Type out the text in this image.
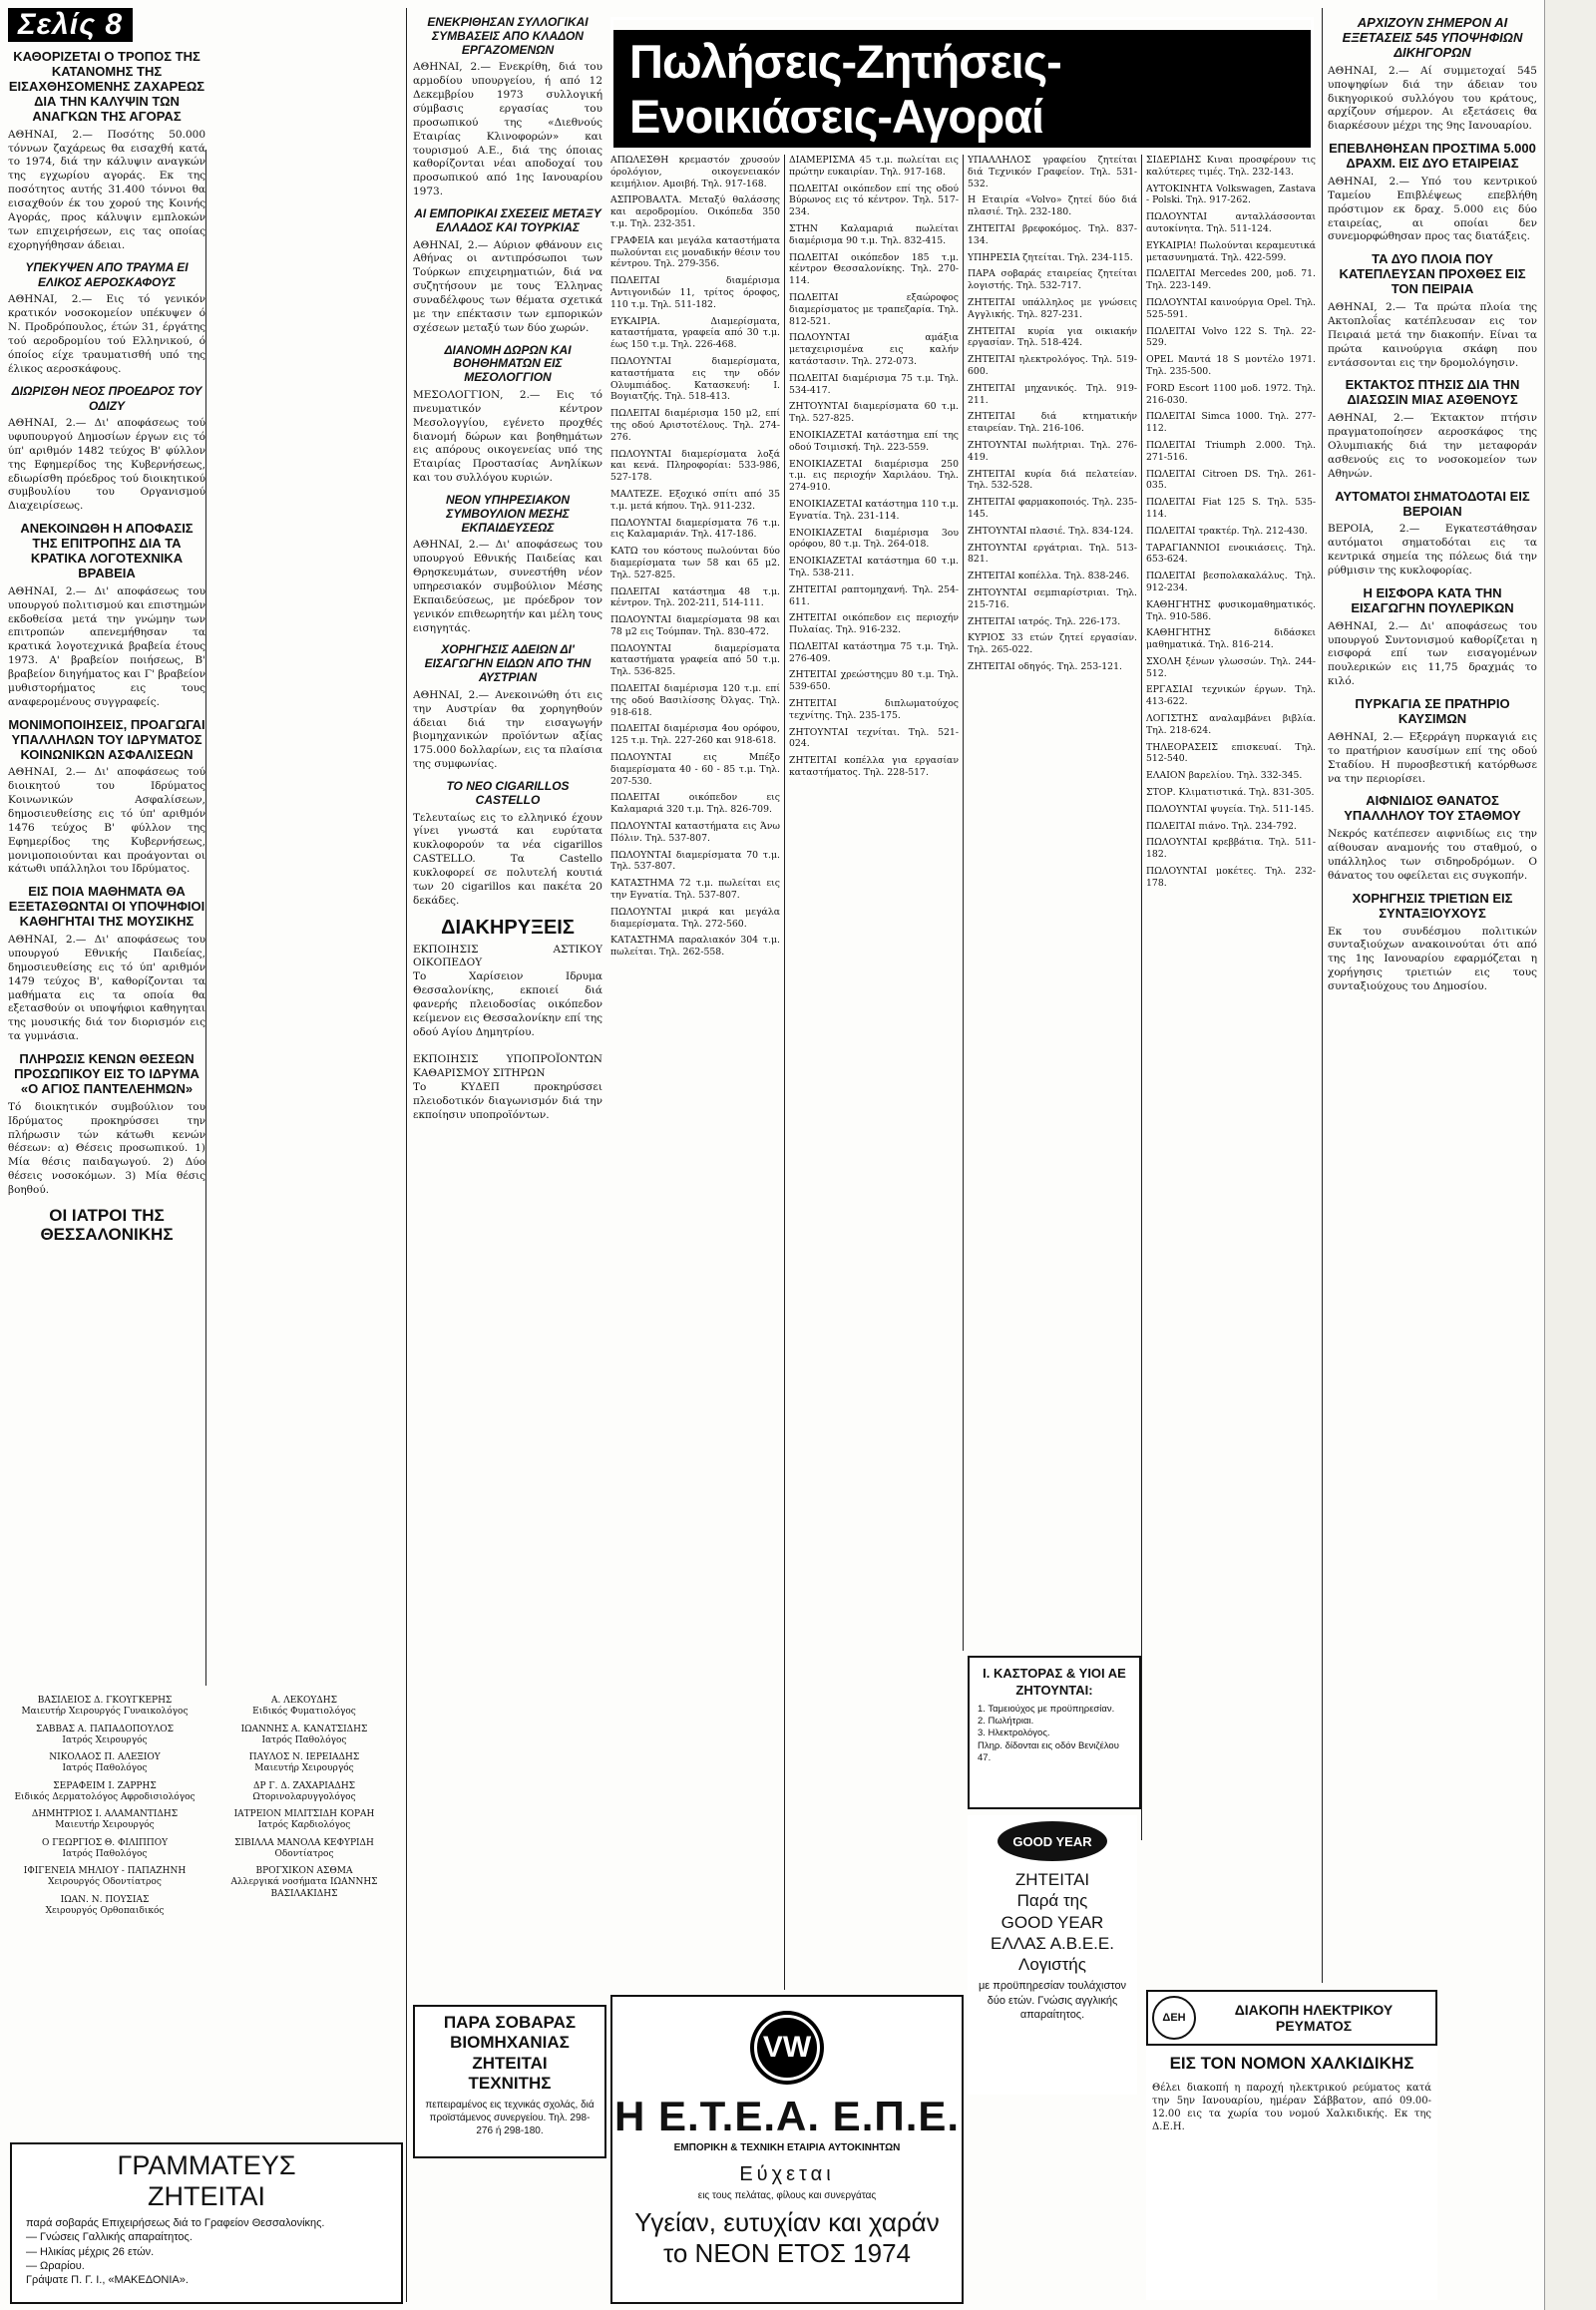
Σελίς 8
ΚΑΘΟΡΙΖΕΤΑΙ Ο ΤΡΟΠΟΣ ΤΗΣ ΚΑΤΑΝΟΜΗΣ ΤΗΣ ΕΙΣΑΧΘΗΣΟΜΕΝΗΣ ΖΑΧΑΡΕΩΣ ΔΙΑ ΤΗΝ ΚΑΛΥΨΙΝ ΤΩΝ ΑΝΑΓΚΩΝ ΤΗΣ ΑΓΟΡΑΣ
ΑΘΗΝΑΙ, 2.— Ποσότης 50.000 τόννων ζαχάρεως θα εισαχθή κατά το 1974, διά την κάλυψιν αναγκών της εγχωρίου αγοράς. Εκ της ποσότητος αυτής 31.400 τόννοι θα εισαχθούν έκ του χορού της Κοινής Αγοράς, προς κάλυψιν εμπλοκών των επιχειρήσεων, εις τας οποίας εχορηγήθησαν άδειαι.
ΥΠΕΚΥΨΕΝ ΑΠΟ ΤΡΑΥΜΑ ΕΙ ΕΛΙΚΟΣ ΑΕΡΟΣΚΑΦΟΥΣ
ΑΘΗΝΑΙ, 2.— Εις τό γενικόν κρατικόν νοσοκομείον υπέκυψεν ό Ν. Προδρόπουλος, έτών 31, έργάτης τού αεροδρομίου τού Ελληνικού, ό όποίος είχε τραυματισθή υπό της έλικος αεροσκάφους.
ΔΙΩΡΙΣΘΗ ΝΕΟΣ ΠΡΟΕΔΡΟΣ ΤΟΥ ΟΔΙΖΥ
ΑΘΗΝΑΙ, 2.— Δι' αποφάσεως τού υφυπουργού Δημοσίων έργων εις τό ύπ' αριθμόν 1482 τεύχος Β' φύλλον της Εφημερίδος της Κυβερνήσεως, εδιωρίσθη πρόεδρος τού διοικητικού συμβουλίου του Οργανισμού Διαχειρίσεως.
ΑΝΕΚΟΙΝΩΘΗ Η ΑΠΟΦΑΣΙΣ ΤΗΣ ΕΠΙΤΡΟΠΗΣ ΔΙΑ ΤΑ ΚΡΑΤΙΚΑ ΛΟΓΟΤΕΧΝΙΚΑ ΒΡΑΒΕΙΑ
ΑΘΗΝΑΙ, 2.— Δι' αποφάσεως του υπουργού πολιτισμού και επιστημών εκδοθείσα μετά την γνώμην των επιτροπών απενεμήθησαν τα κρατικά λογοτεχνικά βραβεία έτους 1973. Α' βραβείον ποιήσεως, Β' βραβείον διηγήματος και Γ' βραβείον μυθιστορήματος εις τους αναφερομένους συγγραφείς.
ΜΟΝΙΜΟΠΟΙΗΣΕΙΣ, ΠΡΟΑΓΩΓΑΙ ΥΠΑΛΛΗΛΩΝ ΤΟΥ ΙΔΡΥΜΑΤΟΣ ΚΟΙΝΩΝΙΚΩΝ ΑΣΦΑΛΙΣΕΩΝ
ΑΘΗΝΑΙ, 2.— Δι' αποφάσεως τού διοικητού του Ιδρύματος Κοινωνικών Ασφαλίσεων, δημοσιευθείσης εις τό ύπ' αριθμόν 1476 τεύχος Β' φύλλον της Εφημερίδος της Κυβερνήσεως, μονιμοποιούνται και προάγονται οι κάτωθι υπάλληλοι του Ιδρύματος.
ΕΙΣ ΠΟΙΑ ΜΑΘΗΜΑΤΑ ΘΑ ΕΞΕΤΑΣΘΩΝΤΑΙ ΟΙ ΥΠΟΨΗΦΙΟΙ ΚΑΘΗΓΗΤΑΙ ΤΗΣ ΜΟΥΣΙΚΗΣ
ΑΘΗΝΑΙ, 2.— Δι' αποφάσεως του υπουργού Εθνικής Παιδείας, δημοσιευθείσης εις τό ύπ' αριθμόν 1479 τεύχος Β', καθορίζονται τα μαθήματα εις τα οποία θα εξετασθούν οι υποψήφιοι καθηγηται της μουσικής διά τον διορισμόν εις τα γυμνάσια.
ΠΛΗΡΩΣΙΣ ΚΕΝΩΝ ΘΕΣΕΩΝ ΠΡΟΣΩΠΙΚΟΥ ΕΙΣ ΤΟ ΙΔΡΥΜΑ «Ο ΑΓΙΟΣ ΠΑΝΤΕΛΕΗΜΩΝ»
Τό διοικητικόν συμβούλιον του Ιδρύματος προκηρύσσει την πλήρωσιν τών κάτωθι κενών θέσεων: α) Θέσεις προσωπικού. 1) Μία θέσις παιδαγωγού. 2) Δύο θέσεις νοσοκόμων. 3) Μία θέσις βοηθού.
ΟΙ ΙΑΤΡΟΙ ΤΗΣ ΘΕΣΣΑΛΟΝΙΚΗΣ
ΒΑΣΙΛΕΙΟΣ Δ. ΓΚΟΥΓΚΕΡΗΣ
Μαιευτήρ Χειρουργός Γυναικολόγος
ΣΑΒΒΑΣ Α. ΠΑΠΑΔΟΠΟΥΛΟΣ
Ιατρός Χειρουργός
ΝΙΚΟΛΑΟΣ Π. ΑΛΕΞΙΟΥ
Ιατρός Παθολόγος
ΣΕΡΑΦΕΙΜ Ι. ΖΑΡΡΗΣ
Ειδικός Δερματολόγος Αφροδισιολόγος
ΔΗΜΗΤΡΙΟΣ Ι. ΑΛΑΜΑΝΤΙΔΗΣ
Μαιευτήρ Χειρουργός
Ο ΓΕΩΡΓΙΟΣ Θ. ΦΙΛΙΠΠΟΥ
Ιατρός Παθολόγος
ΙΦΙΓΕΝΕΙΑ ΜΗΛΙΟΥ - ΠΑΠΑΖΗΝΗ
Χειρουργός Οδοντίατρος
ΙΩΑΝ. Ν. ΠΟΥΣΙΑΣ
Χειρουργός Ορθοπαιδικός
Α. ΛΕΚΟΥΔΗΣ
Ειδικός Φυματιολόγος
ΙΩΑΝΝΗΣ Α. ΚΑΝΑΤΣΙΔΗΣ
Ιατρός Παθολόγος
ΠΑΥΛΟΣ Ν. ΙΕΡΕΙΑΔΗΣ
Μαιευτήρ Χειρουργός
ΔΡ Γ. Δ. ΖΑΧΑΡΙΑΔΗΣ
Ωτορινολαρυγγολόγος
ΙΑΤΡΕΙΟΝ ΜΙΛΙΤΣΙΔΗ ΚΟΡΑΗ
Ιατρός Καρδιολόγος
ΣΙΒΙΛΛΑ ΜΑΝΟΛΑ ΚΕΦΥΡΙΔΗ
Οδοντίατρος
ΒΡΟΓΧΙΚΟΝ ΑΣΘΜΑ
Αλλεργικά νοσήματα ΙΩΑΝΝΗΣ ΒΑΣΙΛΑΚΙΔΗΣ
ΓΡΑΜΜΑΤΕΥΣ
ΖΗΤΕΙΤΑΙ
παρά σοβαράς Επιχειρήσεως διά το Γραφείον Θεσσαλονίκης.
— Γνώσεις Γαλλικής απαραίτητος.
— Ηλικίας μέχρις 26 ετών.
— Ωραρίου.
Γράψατε Π. Γ. Ι., «ΜΑΚΕΔΟΝΙΑ».
ΕΝΕΚΡΙΘΗΣΑΝ ΣΥΛΛΟΓΙΚΑΙ ΣΥΜΒΑΣΕΙΣ ΑΠΟ ΚΛΑΔΟΝ ΕΡΓΑΖΟΜΕΝΩΝ
ΑΘΗΝΑΙ, 2.— Ενεκρίθη, διά του αρμοδίου υπουργείου, ή από 12 Δεκεμβρίου 1973 συλλογική σύμβασις εργασίας του προσωπικού της «Διεθνούς Εταιρίας Κλινοφορών» και τουρισμού Α.Ε., διά της όποιας καθορίζονται νέαι αποδοχαί του προσωπικού από 1ης Ιανουαρίου 1973.
ΑΙ ΕΜΠΟΡΙΚΑΙ ΣΧΕΣΕΙΣ ΜΕΤΑΞΥ ΕΛΛΑΔΟΣ ΚΑΙ ΤΟΥΡΚΙΑΣ
ΑΘΗΝΑΙ, 2.— Αύριον φθάνουν εις Αθήνας οι αντιπρόσωποι των Τούρκων επιχειρηματιών, διά να συζητήσουν με τους Έλληνας συναδέλφους των θέματα σχετικά με την επέκτασιν των εμπορικών σχέσεων μεταξύ των δύο χωρών.
ΔΙΑΝΟΜΗ ΔΩΡΩΝ ΚΑΙ ΒΟΗΘΗΜΑΤΩΝ ΕΙΣ ΜΕΣΟΛΟΓΓΙΟΝ
ΜΕΣΟΛΟΓΓΙΟΝ, 2.— Εις τό πνευματικόν κέντρον Μεσολογγίου, εγένετο προχθές διανομή δώρων και βοηθημάτων εις απόρους οικογενείας υπό της Εταιρίας Προστασίας Ανηλίκων και του συλλόγου κυριών.
ΝΕΟΝ ΥΠΗΡΕΣΙΑΚΟΝ ΣΥΜΒΟΥΛΙΟΝ ΜΕΣΗΣ ΕΚΠΑΙΔΕΥΣΕΩΣ
ΑΘΗΝΑΙ, 2.— Δι' αποφάσεως του υπουργού Εθνικής Παιδείας και Θρησκευμάτων, συνεστήθη νέον υπηρεσιακόν συμβούλιον Μέσης Εκπαιδεύσεως, με πρόεδρον τον γενικόν επιθεωρητήν και μέλη τους εισηγητάς.
ΧΟΡΗΓΗΣΙΣ ΑΔΕΙΩΝ ΔΙ' ΕΙΣΑΓΩΓΗΝ ΕΙΔΩΝ ΑΠΟ ΤΗΝ ΑΥΣΤΡΙΑΝ
ΑΘΗΝΑΙ, 2.— Ανεκοινώθη ότι εις την Αυστρίαν θα χορηγηθούν άδειαι διά την εισαγωγήν βιομηχανικών προϊόντων αξίας 175.000 δολλαρίων, εις τα πλαίσια της συμφωνίας.
ΤΟ ΝΕΟ CIGARILLOS CASTELLO
Τελευταίως εις το ελληνικό έχουν γίνει γνωστά και ευρύτατα κυκλοφορούν τα νέα cigarillos CASTELLO. Τα Castello κυκλοφορεί σε πολυτελή κουτιά των 20 cigarillos και πακέτα 20 δεκάδες.
ΔΙΑΚΗΡΥΞΕΙΣ
ΕΚΠΟΙΗΣΙΣ ΑΣΤΙΚΟΥ ΟΙΚΟΠΕΔΟΥ
Το Χαρίσειον Ιδρυμα Θεσσαλονίκης, εκποιεί διά φανερής πλειοδοσίας οικόπεδον κείμενον εις Θεσσαλονίκην επί της οδού Αγίου Δημητρίου.

ΕΚΠΟΙΗΣΙΣ ΥΠΟΠΡΟΪΟΝΤΩΝ ΚΑΘΑΡΙΣΜΟΥ ΣΙΤΗΡΩΝ
Το ΚΥΔΕΠ προκηρύσσει πλειοδοτικόν διαγωνισμόν διά την εκποίησιν υποπροϊόντων.
ΠΑΡΑ ΣΟΒΑΡΑΣ ΒΙΟΜΗΧΑΝΙΑΣ
ΖΗΤΕΙΤΑΙ
ΤΕΧΝΙΤΗΣ
πεπειραμένος εις τεχνικάς σχολάς, διά προϊστάμενος συνεργείου. Τηλ. 298-276 ή 298-180.
Πωλήσεις-Ζητήσεις-Ενοικιάσεις-Αγοραί
ΑΠΩΛΕΣΘΗ κρεμαστόν χρυσούν όρολόγιον, οικογενειακόν κειμήλιον. Αμοιβή. Τηλ. 917-168.
ΑΣΠΡΟΒΑΛΤΑ. Μεταξύ θαλάσσης και αεροδρομίου. Οικόπεδα 350 τ.μ. Τηλ. 232-351.
ΓΡΑΦΕΙΑ και μεγάλα καταστήματα πωλούνται εις μοναδικήν θέσιν του κέντρου. Τηλ. 279-356.
ΠΩΛΕΙΤΑΙ διαμέρισμα Αντιγονιδών 11, τρίτος όροφος, 110 τ.μ. Τηλ. 511-182.
ΕΥΚΑΙΡΙΑ. Διαμερίσματα, καταστήματα, γραφεία από 30 τ.μ. έως 150 τ.μ. Τηλ. 226-468.
ΠΩΛΟΥΝΤΑΙ διαμερίσματα, καταστήματα εις την οδόν Ολυμπιάδος. Κατασκευή: Ι. Βογιατζής. Τηλ. 518-413.
ΠΩΛΕΙΤΑΙ διαμέρισμα 150 μ2, επί της οδού Αριστοτέλους. Τηλ. 274-276.
ΠΩΛΟΥΝΤΑΙ διαμερίσματα λοξά και κενά. Πληροφορίαι: 533-986, 527-178.
ΜΑΛΤΕΖΕ. Εξοχικό σπίτι από 35 τ.μ. μετά κήπου. Τηλ. 911-232.
ΠΩΛΟΥΝΤΑΙ διαμερίσματα 76 τ.μ. εις Καλαμαριάν. Τηλ. 417-186.
ΚΑΤΩ του κόστους πωλούνται δύο διαμερίσματα των 58 και 65 μ2. Τηλ. 527-825.
ΠΩΛΕΙΤΑΙ κατάστημα 48 τ.μ. κέντρον. Τηλ. 202-211, 514-111.
ΠΩΛΟΥΝΤΑΙ διαμερίσματα 98 και 78 μ2 εις Τούμπαν. Τηλ. 830-472.
ΠΩΛΟΥΝΤΑΙ διαμερίσματα καταστήματα γραφεία από 50 τ.μ. Τηλ. 536-825.
ΠΩΛΕΙΤΑΙ διαμέρισμα 120 τ.μ. επί της οδού Βασιλίσσης Όλγας. Τηλ. 918-618.
ΠΩΛΕΙΤΑΙ διαμέρισμα 4ου ορόφου, 125 τ.μ. Τηλ. 227-260 και 918-618.
ΠΩΛΟΥΝΤΑΙ εις Μπέξο διαμερίσματα 40 - 60 - 85 τ.μ. Τηλ. 207-530.
ΠΩΛΕΙΤΑΙ οικόπεδον εις Καλαμαριά 320 τ.μ. Τηλ. 826-709.
ΠΩΛΟΥΝΤΑΙ καταστήματα εις Άνω Πόλιν. Τηλ. 537-807.
ΠΩΛΟΥΝΤΑΙ διαμερίσματα 70 τ.μ. Τηλ. 537-807.
ΚΑΤΑΣΤΗΜΑ 72 τ.μ. πωλείται εις την Εγνατία. Τηλ. 537-807.
ΠΩΛΟΥΝΤΑΙ μικρά και μεγάλα διαμερίσματα. Τηλ. 272-560.
ΚΑΤΑΣΤΗΜΑ παραλιακόν 304 τ.μ. πωλείται. Τηλ. 262-558.
ΔΙΑΜΕΡΙΣΜΑ 45 τ.μ. πωλείται εις πρώτην ευκαιρίαν. Τηλ. 917-168.
ΠΩΛΕΙΤΑΙ οικόπεδον επί της οδού Βύρωνος εις τό κέντρον. Τηλ. 517-234.
ΣΤΗΝ Καλαμαριά πωλείται διαμέρισμα 90 τ.μ. Τηλ. 832-415.
ΠΩΛΕΙΤΑΙ οικόπεδον 185 τ.μ. κέντρον Θεσσαλονίκης. Τηλ. 270-114.
ΠΩΛΕΙΤΑΙ εξαώροφος διαμερίσματος με τραπεζαρία. Τηλ. 812-521.
ΠΩΛΟΥΝΤΑΙ αμάξια μεταχειρισμένα εις καλήν κατάστασιν. Τηλ. 272-073.
ΠΩΛΕΙΤΑΙ διαμέρισμα 75 τ.μ. Τηλ. 534-417.
ΖΗΤΟΥΝΤΑΙ διαμερίσματα 60 τ.μ. Τηλ. 527-825.
ΕΝΟΙΚΙΑΖΕΤΑΙ κατάστημα επί της οδού Τσιμισκή. Τηλ. 223-559.
ΕΝΟΙΚΙΑΖΕΤΑΙ διαμέρισμα 250 τ.μ. εις περιοχήν Χαριλάου. Τηλ. 274-910.
ΕΝΟΙΚΙΑΖΕΤΑΙ κατάστημα 110 τ.μ. Εγνατία. Τηλ. 231-114.
ΕΝΟΙΚΙΑΖΕΤΑΙ διαμέρισμα 3ου ορόφου, 80 τ.μ. Τηλ. 264-018.
ΕΝΟΙΚΙΑΖΕΤΑΙ κατάστημα 60 τ.μ. Τηλ. 538-211.
ΖΗΤΕΙΤΑΙ ραπτομηχανή. Τηλ. 254-611.
ΖΗΤΕΙΤΑΙ οικόπεδον εις περιοχήν Πυλαίας. Τηλ. 916-232.
ΠΩΛΕΙΤΑΙ κατάστημα 75 τ.μ. Τηλ. 276-409.
ΖΗΤΕΙΤΑΙ χρεώστηςμυ 80 τ.μ. Τηλ. 539-650.
ΖΗΤΕΙΤΑΙ διπλωματούχος τεχνίτης. Τηλ. 235-175.
ΖΗΤΟΥΝΤΑΙ τεχνίται. Τηλ. 521-024.
ΖΗΤΕΙΤΑΙ κοπέλλα για εργασίαν καταστήματος. Τηλ. 228-517.
ΥΠΑΛΛΗΛΟΣ γραφείου ζητείται διά Τεχνικόν Γραφείον. Τηλ. 531-532.
Η Εταιρία «Volvo» ζητεί δύο διά πλασιέ. Τηλ. 232-180.
ΖΗΤΕΙΤΑΙ βρεφοκόμος. Τηλ. 837-134.
ΥΠΗΡΕΣΙΑ ζητείται. Τηλ. 234-115.
ΠΑΡΑ σοβαράς εταιρείας ζητείται λογιστής. Τηλ. 532-717.
ΖΗΤΕΙΤΑΙ υπάλληλος με γνώσεις Αγγλικής. Τηλ. 827-231.
ΖΗΤΕΙΤΑΙ κυρία για οικιακήν εργασίαν. Τηλ. 518-424.
ΖΗΤΕΙΤΑΙ ηλεκτρολόγος. Τηλ. 519-600.
ΖΗΤΕΙΤΑΙ μηχανικός. Τηλ. 919-211.
ΖΗΤΕΙΤΑΙ διά κτηματικήν εταιρείαν. Τηλ. 216-106.
ΖΗΤΟΥΝΤΑΙ πωλήτριαι. Τηλ. 276-419.
ΖΗΤΕΙΤΑΙ κυρία διά πελατείαν. Τηλ. 532-528.
ΖΗΤΕΙΤΑΙ φαρμακοποιός. Τηλ. 235-145.
ΖΗΤΟΥΝΤΑΙ πλασιέ. Τηλ. 834-124.
ΖΗΤΟΥΝΤΑΙ εργάτριαι. Τηλ. 513-821.
ΖΗΤΕΙΤΑΙ κοπέλλα. Τηλ. 838-246.
ΖΗΤΟΥΝΤΑΙ σεμπιαρίστριαι. Τηλ. 215-716.
ΖΗΤΕΙΤΑΙ ιατρός. Τηλ. 226-173.
ΚΥΡΙΟΣ 33 ετών ζητεί εργασίαν. Τηλ. 265-022.
ΖΗΤΕΙΤΑΙ οδηγός. Τηλ. 253-121.
ΣΙΔΕΡΙΔΗΣ Κιναι προσφέρουν τις καλύτερες τιμές. Τηλ. 232-143.
ΑΥΤΟΚΙΝΗΤΑ Volkswagen, Zastava - Polski. Τηλ. 917-262.
ΠΩΛΟΥΝΤΑΙ ανταλλάσσονται αυτοκίνητα. Τηλ. 511-124.
ΕΥΚΑΙΡΙΑ! Πωλούνται κεραμευτικά μετασυνηματά. Τηλ. 422-599.
ΠΩΛΕΙΤΑΙ Mercedes 200, μοδ. 71. Τηλ. 223-149.
ΠΩΛΟΥΝΤΑΙ καινούργια Opel. Τηλ. 525-591.
ΠΩΛΕΙΤΑΙ Volvo 122 S. Τηλ. 22-529.
OPEL Μαντά 18 S μοντέλο 1971. Τηλ. 235-500.
FORD Escort 1100 μοδ. 1972. Τηλ. 216-030.
ΠΩΛΕΙΤΑΙ Simca 1000. Τηλ. 277-112.
ΠΩΛΕΙΤΑΙ Triumph 2.000. Τηλ. 271-516.
ΠΩΛΕΙΤΑΙ Citroen DS. Τηλ. 261-035.
ΠΩΛΕΙΤΑΙ Fiat 125 S. Τηλ. 535-114.
ΠΩΛΕΙΤΑΙ τρακτέρ. Τηλ. 212-430.
ΤΑΡΑΓΙΑΝΝΙΟΙ ενοικιάσεις. Τηλ. 653-624.
ΠΩΛΕΙΤΑΙ βεσπολακαλάλυς. Τηλ. 912-234.
ΚΑΘΗΓΗΤΗΣ φυσικομαθηματικός. Τηλ. 910-586.
ΚΑΘΗΓΗΤΗΣ διδάσκει μαθηματικά. Τηλ. 816-214.
ΣΧΟΛΗ ξένων γλωσσών. Τηλ. 244-512.
ΕΡΓΑΣΙΑΙ τεχνικών έργων. Τηλ. 413-622.
ΛΟΓΙΣΤΗΣ αναλαμβάνει βιβλία. Τηλ. 218-624.
ΤΗΛΕΟΡΑΣΕΙΣ επισκευαί. Τηλ. 512-540.
ΕΛΑΙΟΝ βαρελίου. Τηλ. 332-345.
ΣΤΟΡ. Κλιματιστικά. Τηλ. 831-305.
ΠΩΛΟΥΝΤΑΙ ψυγεία. Τηλ. 511-145.
ΠΩΛΕΙΤΑΙ πιάνο. Τηλ. 234-792.
ΠΩΛΟΥΝΤΑΙ κρεββάτια. Τηλ. 511-182.
ΠΩΛΟΥΝΤΑΙ μοκέτες. Τηλ. 232-178.
VW
Η Ε.Τ.Ε.Α. Ε.Π.Ε.
ΕΜΠΟΡΙΚΗ & ΤΕΧΝΙΚΗ ΕΤΑΙΡΙΑ ΑΥΤΟΚΙΝΗΤΩΝ
Εύχεται
εις τους πελάτας, φίλους και συνεργάτας
Υγείαν, ευτυχίαν και χαράν
το ΝΕΟΝ ΕΤΟΣ 1974
Ι. ΚΑΣΤΟΡΑΣ & ΥΙΟΙ ΑΕ
ΖΗΤΟΥΝΤΑΙ:
1. Ταμειούχος με προϋπηρεσίαν.
2. Πωλήτριαι.
3. Ηλεκτρολόγος.
Πληρ. δίδονται εις οδόν Βενιζέλου 47.
GOOD YEAR
ΖΗΤΕΙΤΑΙ
Παρά της
GOOD YEAR
ΕΛΛΑΣ Α.Β.Ε.Ε.
Λογιστής
με προϋπηρεσίαν τουλάχιστον δύο ετών. Γνώσις αγγλικής απαραίτητος.	ΔΕΗ	ΔΙΑΚΟΠΗ ΗΛΕΚΤΡΙΚΟΥ ΡΕΥΜΑΤΟΣ
ΕΙΣ ΤΟΝ ΝΟΜΟΝ ΧΑΛΚΙΔΙΚΗΣ
Θέλει διακοπή η παροχή ηλεκτρικού ρεύματος κατά την 5ην Ιανουαρίου, ημέραν Σάββατον, από 09.00-12.00 εις τα χωρία του νομού Χαλκιδικής. Εκ της Δ.Ε.Η.
ΑΡΧΙΖΟΥΝ ΣΗΜΕΡΟΝ ΑΙ ΕΞΕΤΑΣΕΙΣ 545 ΥΠΟΨΗΦΙΩΝ ΔΙΚΗΓΟΡΩΝ
ΑΘΗΝΑΙ, 2.— Αί συμμετοχαί 545 υποψηφίων διά την άδειαν του δικηγορικού συλλόγου του κράτους, αρχίζουν σήμερον. Αι εξετάσεις θα διαρκέσουν μέχρι της 9ης Ιανουαρίου.
ΕΠΕΒΛΗΘΗΣΑΝ ΠΡΟΣΤΙΜΑ 5.000 ΔΡΑΧΜ. ΕΙΣ ΔΥΟ ΕΤΑΙΡΕΙΑΣ
ΑΘΗΝΑΙ, 2.— Υπό του κεντρικού Ταμείου Επιβλέψεως επεβλήθη πρόστιμον εκ δραχ. 5.000 εις δύο εταιρείας, αι οποίαι δεν συνεμορφώθησαν προς τας διατάξεις.
ΤΑ ΔΥΟ ΠΛΟΙΑ ΠΟΥ ΚΑΤΕΠΛΕΥΣΑΝ ΠΡΟΧΘΕΣ ΕΙΣ ΤΟΝ ΠΕΙΡΑΙΑ
ΑΘΗΝΑΙ, 2.— Τα πρώτα πλοία της Ακτοπλοΐας κατέπλευσαν εις τον Πειραιά μετά την διακοπήν. Είναι τα πρώτα καινούργια σκάφη που εντάσσονται εις την δρομολόγησιν.
ΕΚΤΑΚΤΟΣ ΠΤΗΣΙΣ ΔΙΑ ΤΗΝ ΔΙΑΣΩΣΙΝ ΜΙΑΣ ΑΣΘΕΝΟΥΣ
ΑΘΗΝΑΙ, 2.— Έκτακτον πτήσιν πραγματοποίησεν αεροσκάφος της Ολυμπιακής διά την μεταφοράν ασθενούς εις το νοσοκομείον των Αθηνών.
ΑΥΤΟΜΑΤΟΙ ΣΗΜΑΤΟΔΟΤΑΙ ΕΙΣ ΒΕΡΟΙΑΝ
ΒΕΡΟΙΑ, 2.— Εγκατεστάθησαν αυτόματοι σηματοδόται εις τα κεντρικά σημεία της πόλεως διά την ρύθμισιν της κυκλοφορίας.
Η ΕΙΣΦΟΡΑ ΚΑΤΑ ΤΗΝ ΕΙΣΑΓΩΓΗΝ ΠΟΥΛΕΡΙΚΩΝ
ΑΘΗΝΑΙ, 2.— Δι' αποφάσεως του υπουργού Συντονισμού καθορίζεται η εισφορά επί των εισαγομένων πουλερικών εις 11,75 δραχμάς το κιλό.
ΠΥΡΚΑΓΙΑ ΣΕ ΠΡΑΤΗΡΙΟ ΚΑΥΣΙΜΩΝ
ΑΘΗΝΑΙ, 2.— Εξερράγη πυρκαγιά εις το πρατήριον καυσίμων επί της οδού Σταδίου. Η πυροσβεστική κατόρθωσε να την περιορίσει.
ΑΙΦΝΙΔΙΟΣ ΘΑΝΑΤΟΣ ΥΠΑΛΛΗΛΟΥ ΤΟΥ ΣΤΑΘΜΟΥ
Νεκρός κατέπεσεν αιφνιδίως εις την αίθουσαν αναμονής του σταθμού, ο υπάλληλος των σιδηροδρόμων. Ο θάνατος του οφείλεται εις συγκοπήν.
ΧΟΡΗΓΗΣΙΣ ΤΡΙΕΤΙΩΝ ΕΙΣ ΣΥΝΤΑΞΙΟΥΧΟΥΣ
Εκ του συνδέσμου πολιτικών συνταξιούχων ανακοινούται ότι από της 1ης Ιανουαρίου εφαρμόζεται η χορήγησις τριετιών εις τους συνταξιούχους του Δημοσίου.
